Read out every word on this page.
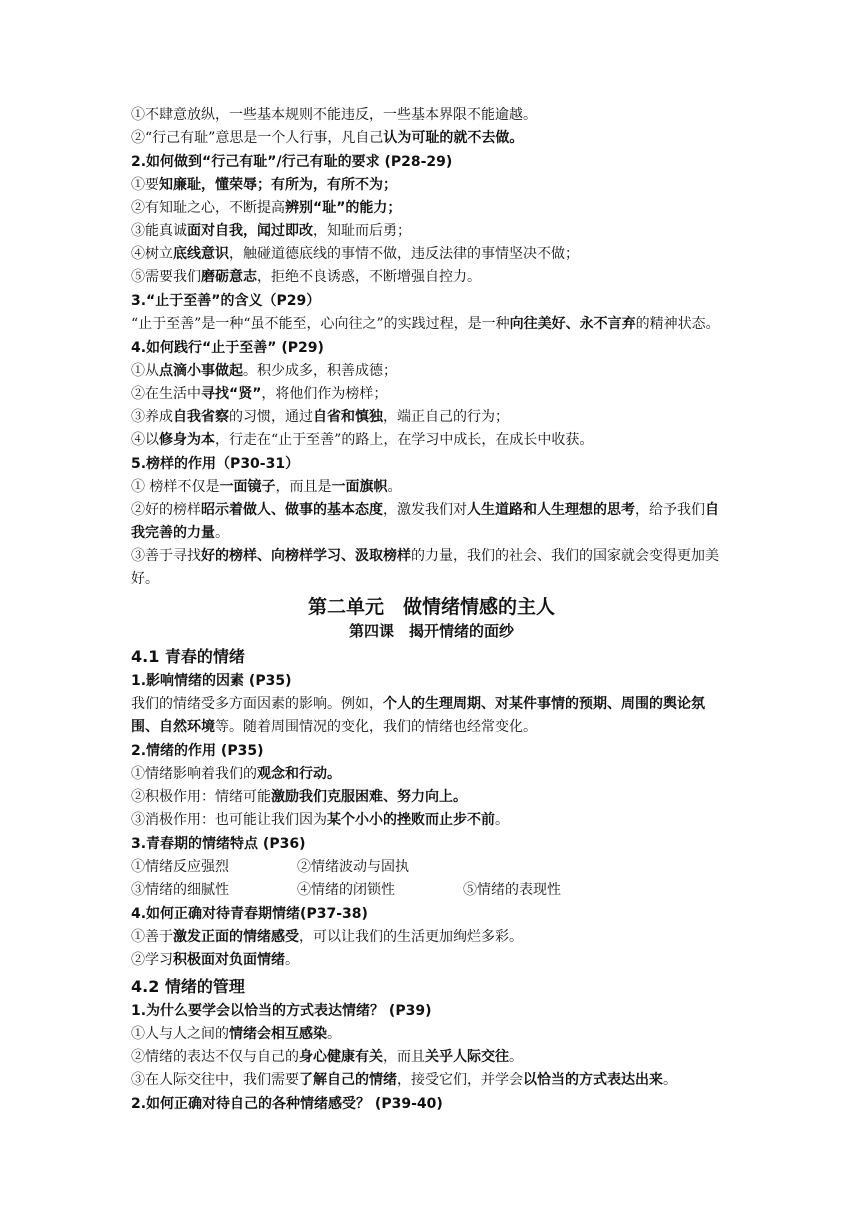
①不肆意放纵，一些基本规则不能违反，一些基本界限不能逾越。
②“行己有耻”意思是一个人行事，凡自己认为可耻的就不去做。
2.如何做到“行己有耻”/行己有耻的要求 (P28-29)
①要知廉耻，懂荣辱；有所为，有所不为；
②有知耻之心，不断提高辨别“耻”的能力；
③能真诚面对自我，闻过即改，知耻而后勇；
④树立底线意识，触碰道德底线的事情不做，违反法律的事情坚决不做；
⑤需要我们磨砺意志，拒绝不良诱惑，不断增强自控力。
3.“止于至善”的含义（P29）
“止于至善”是一种“虽不能至，心向往之”的实践过程，是一种向往美好、永不言弃的精神状态。
4.如何践行“止于至善” (P29)
①从点滴小事做起。积少成多，积善成德；
②在生活中寻找“贤”，将他们作为榜样；
③养成自我省察的习惯，通过自省和慎独，端正自己的行为；
④以修身为本，行走在“止于至善”的路上，在学习中成长，在成长中收获。
5.榜样的作用（P30-31）
① 榜样不仅是一面镜子，而且是一面旗帜。
②好的榜样昭示着做人、做事的基本态度，激发我们对人生道路和人生理想的思考，给予我们自我完善的力量。
③善于寻找好的榜样、向榜样学习、汲取榜样的力量，我们的社会、我们的国家就会变得更加美好。
第二单元　做情绪情感的主人
第四课　揭开情绪的面纱
4.1 青春的情绪
1.影响情绪的因素 (P35)
我们的情绪受多方面因素的影响。例如，个人的生理周期、对某件事情的预期、周围的舆论氛围、自然环境等。随着周围情况的变化，我们的情绪也经常变化。
2.情绪的作用 (P35)
①情绪影响着我们的观念和行动。
②积极作用：情绪可能激励我们克服困难、努力向上。
③消极作用：也可能让我们因为某个小小的挫败而止步不前。
3.青春期的情绪特点 (P36)
①情绪反应强烈	②情绪波动与固执
③情绪的细腻性	④情绪的闭锁性	⑤情绪的表现性
4.如何正确对待青春期情绪(P37-38)
①善于激发正面的情绪感受，可以让我们的生活更加绚烂多彩。
②学习积极面对负面情绪。
4.2 情绪的管理
1.为什么要学会以恰当的方式表达情绪？ (P39)
①人与人之间的情绪会相互感染。
②情绪的表达不仅与自己的身心健康有关，而且关乎人际交往。
③在人际交往中，我们需要了解自己的情绪，接受它们，并学会以恰当的方式表达出来。
2.如何正确对待自己的各种情绪感受？ (P39-40)
